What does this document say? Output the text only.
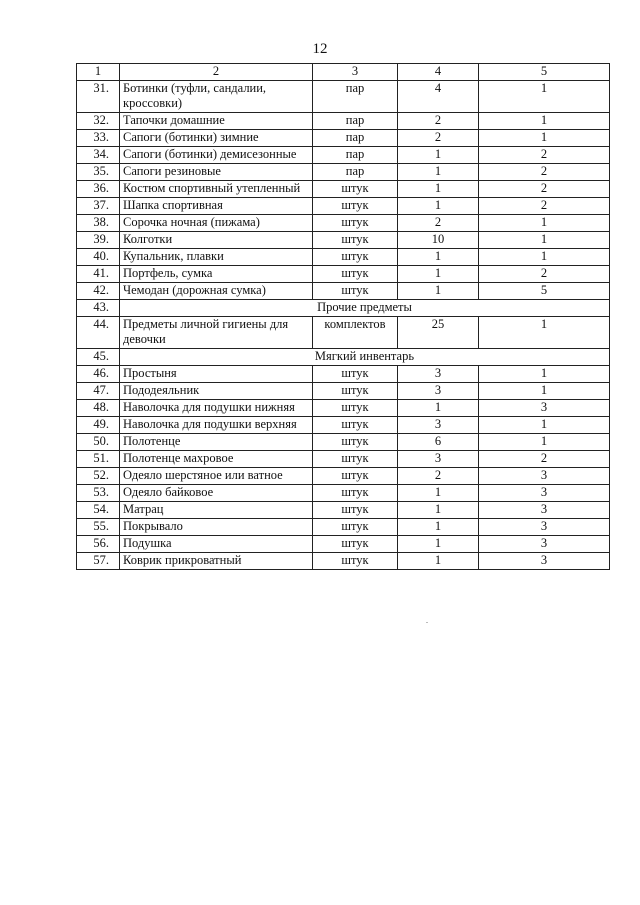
12
1	2	3	4	5
31.	Ботинки (туфли, сандалии, кроссовки)	пар	4	1
32.	Тапочки домашние	пар	2	1
33.	Сапоги (ботинки) зимние	пар	2	1
34.	Сапоги (ботинки) демисезонные	пар	1	2
35.	Сапоги резиновые	пар	1	2
36.	Костюм спортивный утепленный	штук	1	2
37.	Шапка спортивная	штук	1	2
38.	Сорочка ночная (пижама)	штук	2	1
39.	Колготки	штук	10	1
40.	Купальник, плавки	штук	1	1
41.	Портфель, сумка	штук	1	2
42.	Чемодан (дорожная сумка)	штук	1	5
43.	Прочие предметы			
44.	Предметы личной гигиены для девочки	комплектов	25	1
45.	Мягкий инвентарь			
46.	Простыня	штук	3	1
47.	Пододеяльник	штук	3	1
48.	Наволочка для подушки нижняя	штук	1	3
49.	Наволочка для подушки верхняя	штук	3	1
50.	Полотенце	штук	6	1
51.	Полотенце махровое	штук	3	2
52.	Одеяло шерстяное или ватное	штук	2	3
53.	Одеяло байковое	штук	1	3
54.	Матрац	штук	1	3
55.	Покрывало	штук	1	3
56.	Подушка	штук	1	3
57.	Коврик прикроватный	штук	1	3
